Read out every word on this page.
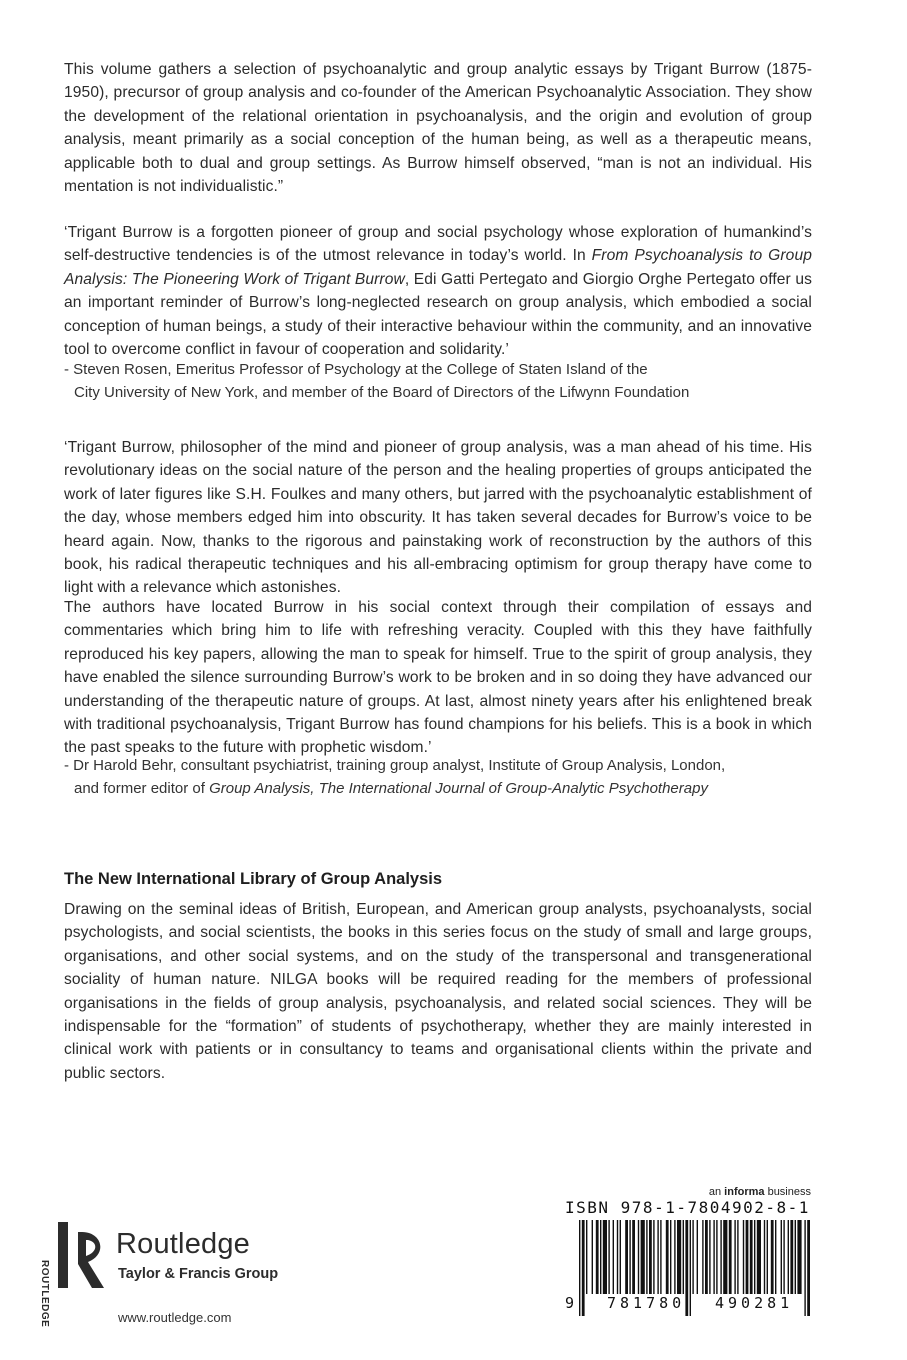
This volume gathers a selection of psychoanalytic and group analytic essays by Trigant Burrow (1875-1950), precursor of group analysis and co-founder of the American Psychoanalytic Association. They show the development of the relational orientation in psychoanalysis, and the origin and evolution of group analysis, meant primarily as a social conception of the human being, as well as a therapeutic means, applicable both to dual and group settings. As Burrow himself observed, “man is not an individual. His mentation is not individualistic.”

‘Trigant Burrow is a forgotten pioneer of group and social psychology whose exploration of humankind’s self-destructive tendencies is of the utmost relevance in today’s world. In From Psychoanalysis to Group Analysis: The Pioneering Work of Trigant Burrow, Edi Gatti Pertegato and Giorgio Orghe Pertegato offer us an important reminder of Burrow’s long-neglected research on group analysis, which embodied a social conception of human beings, a study of their interactive behaviour within the community, and an innovative tool to overcome conflict in favour of cooperation and solidarity.’

- Steven Rosen, Emeritus Professor of Psychology at the College of Staten Island of the
City University of New York, and member of the Board of Directors of the Lifwynn Foundation

‘Trigant Burrow, philosopher of the mind and pioneer of group analysis, was a man ahead of his time. His revolutionary ideas on the social nature of the person and the healing properties of groups anticipated the work of later figures like S.H. Foulkes and many others, but jarred with the psychoanalytic establishment of the day, whose members edged him into obscurity. It has taken several decades for Burrow’s voice to be heard again. Now, thanks to the rigorous and painstaking work of reconstruction by the authors of this book, his radical therapeutic techniques and his all-embracing optimism for group therapy have come to light with a relevance which astonishes.

The authors have located Burrow in his social context through their compilation of essays and commentaries which bring him to life with refreshing veracity. Coupled with this they have faithfully reproduced his key papers, allowing the man to speak for himself. True to the spirit of group analysis, they have enabled the silence surrounding Burrow’s work to be broken and in so doing they have advanced our understanding of the therapeutic nature of groups. At last, almost ninety years after his enlightened break with traditional psychoanalysis, Trigant Burrow has found champions for his beliefs. This is a book in which the past speaks to the future with prophetic wisdom.’

- Dr Harold Behr, consultant psychiatrist, training group analyst, Institute of Group Analysis, London,
and former editor of Group Analysis, The International Journal of Group-Analytic Psychotherapy
The New International Library of Group Analysis

Drawing on the seminal ideas of British, European, and American group analysts, psychoanalysts, social psychologists, and social scientists, the books in this series focus on the study of small and large groups, organisations, and other social systems, and on the study of the transpersonal and transgenerational sociality of human nature. NILGA books will be required reading for the members of professional organisations in the fields of group analysis, psychoanalysis, and related social sciences. They will be indispensable for the “formation” of students of psychotherapy, whether they are mainly interested in clinical work with patients or in consultancy to teams and organisational clients within the private and public sectors.

ROUTLEDGE
Routledge
Taylor & Francis Group
www.routledge.com
an informa business
ISBN 978-1-7804902-8-1
9 781780 490281
